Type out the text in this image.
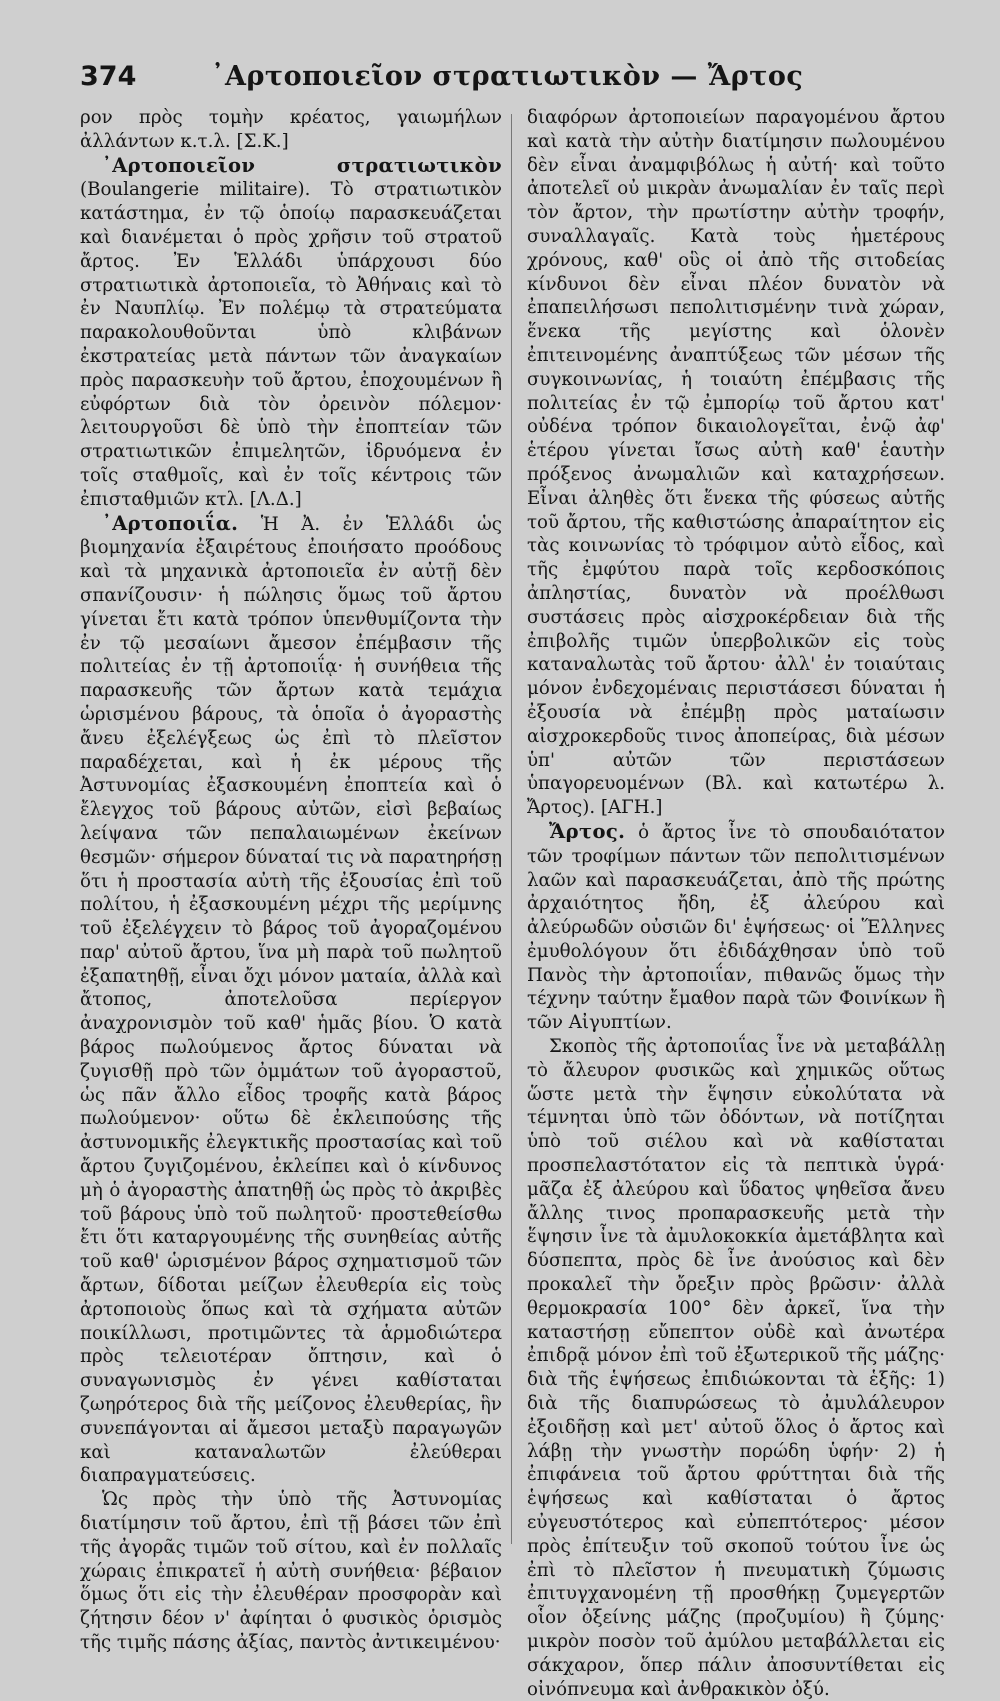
374	᾽Αρτοποιεῖον στρατιωτικὸν — Ἄρτος

ρον πρὸς τομὴν κρέατος, γαιωμήλων ἀλλάντων κ.τ.λ. [Σ.Κ.]

᾽Αρτοποιεῖον στρατιωτικὸν (Boulangerie militaire). Τὸ στρατιωτικὸν κατάστημα, ἐν τῷ ὁποίῳ παρασκευάζεται καὶ διανέμεται ὁ πρὸς χρῆσιν τοῦ στρατοῦ ἄρτος. Ἐν Ἑλλάδι ὑπάρχουσι δύο στρατιωτικὰ ἀρτοποιεῖα, τὸ Ἀθήναις καὶ τὸ ἐν Ναυπλίῳ. Ἐν πολέμῳ τὰ στρατεύματα παρακολουθοῦνται ὑπὸ κλιβάνων ἐκστρατείας μετὰ πάντων τῶν ἀναγκαίων πρὸς παρασκευὴν τοῦ ἄρτου, ἐποχουμένων ἢ εὐφόρτων διὰ τὸν ὀρεινὸν πόλεμον· λειτουργοῦσι δὲ ὑπὸ τὴν ἐποπτείαν τῶν στρατιωτικῶν ἐπιμελητῶν, ἱδρυόμενα ἐν τοῖς σταθμοῖς, καὶ ἐν τοῖς κέντροις τῶν ἐπισταθμιῶν κτλ. [Λ.Δ.]

᾽Αρτοποιΐα. Ἡ Ἀ. ἐν Ἑλλάδι ὡς βιομηχανία ἐξαιρέτους ἐποιήσατο προόδους καὶ τὰ μηχανικὰ ἀρτοποιεῖα ἐν αὐτῇ δὲν σπανίζουσιν· ἡ πώλησις ὅμως τοῦ ἄρτου γίνεται ἔτι κατὰ τρόπον ὑπενθυμίζοντα τὴν ἐν τῷ μεσαίωνι ἄμεσον ἐπέμβασιν τῆς πολιτείας ἐν τῇ ἀρτοποιΐᾳ· ἡ συνήθεια τῆς παρασκευῆς τῶν ἄρτων κατὰ τεμάχια ὡρισμένου βάρους, τὰ ὁποῖα ὁ ἀγοραστὴς ἄνευ ἐξελέγξεως ὡς ἐπὶ τὸ πλεῖστον παραδέχεται, καὶ ἡ ἐκ μέρους τῆς Ἀστυνομίας ἐξασκουμένη ἐποπτεία καὶ ὁ ἔλεγχος τοῦ βάρους αὐτῶν, εἰσὶ βεβαίως λείψανα τῶν πεπαλαιωμένων ἐκείνων θεσμῶν· σήμερον δύναταί τις νὰ παρατηρήσῃ ὅτι ἡ προστασία αὐτὴ τῆς ἐξουσίας ἐπὶ τοῦ πολίτου, ἡ ἐξασκουμένη μέχρι τῆς μερίμνης τοῦ ἐξελέγχειν τὸ βάρος τοῦ ἀγοραζομένου παρ' αὐτοῦ ἄρτου, ἵνα μὴ παρὰ τοῦ πωλητοῦ ἐξαπατηθῇ, εἶναι ὄχι μόνον ματαία, ἀλλὰ καὶ ἄτοπος, ἀποτελοῦσα περίεργον ἀναχρονισμὸν τοῦ καθ' ἡμᾶς βίου. Ὁ κατὰ βάρος πωλούμενος ἄρτος δύναται νὰ ζυγισθῇ πρὸ τῶν ὀμμάτων τοῦ ἀγοραστοῦ, ὡς πᾶν ἄλλο εἶδος τροφῆς κατὰ βάρος πωλούμενον· οὕτω δὲ ἐκλειπούσης τῆς ἀστυνομικῆς ἐλεγκτικῆς προστασίας καὶ τοῦ ἄρτου ζυγιζομένου, ἐκλείπει καὶ ὁ κίνδυνος μὴ ὁ ἀγοραστὴς ἀπατηθῇ ὡς πρὸς τὸ ἀκριβὲς τοῦ βάρους ὑπὸ τοῦ πωλητοῦ· προστεθείσθω ἔτι ὅτι καταργουμένης τῆς συνηθείας αὐτῆς τοῦ καθ' ὡρισμένον βάρος σχηματισμοῦ τῶν ἄρτων, δίδοται μείζων ἐλευθερία εἰς τοὺς ἀρτοποιοὺς ὅπως καὶ τὰ σχήματα αὐτῶν ποικίλλωσι, προτιμῶντες τὰ ἁρμοδιώτερα πρὸς τελειοτέραν ὄπτησιν, καὶ ὁ συναγωνισμὸς ἐν γένει καθίσταται ζωηρότερος διὰ τῆς μείζονος ἐλευθερίας, ἣν συνεπάγονται αἱ ἄμεσοι μεταξὺ παραγωγῶν καὶ καταναλωτῶν ἐλεύθεραι διαπραγματεύσεις.

Ὡς πρὸς τὴν ὑπὸ τῆς Ἀστυνομίας διατίμησιν τοῦ ἄρτου, ἐπὶ τῇ βάσει τῶν ἐπὶ τῆς ἀγορᾶς τιμῶν τοῦ σίτου, καὶ ἐν πολλαῖς χώραις ἐπικρατεῖ ἡ αὐτὴ συνήθεια· βέβαιον ὅμως ὅτι εἰς τὴν ἐλευθέραν προσφορὰν καὶ ζήτησιν δέον ν' ἀφίηται ὁ φυσικὸς ὁρισμὸς τῆς τιμῆς πάσης ἀξίας, παντὸς ἀντικειμένου·

διαφόρων ἀρτοποιείων παραγομένου ἄρτου καὶ κατὰ τὴν αὐτὴν διατίμησιν πωλουμένου δὲν εἶναι ἀναμφιβόλως ἡ αὐτή· καὶ τοῦτο ἀποτελεῖ οὐ μικρὰν ἀνωμαλίαν ἐν ταῖς περὶ τὸν ἄρτον, τὴν πρωτίστην αὐτὴν τροφήν, συναλλαγαῖς. Κατὰ τοὺς ἡμετέρους χρόνους, καθ' οὓς οἱ ἀπὸ τῆς σιτοδείας κίνδυνοι δὲν εἶναι πλέον δυνατὸν νὰ ἐπαπειλήσωσι πεπολιτισμένην τινὰ χώραν, ἕνεκα τῆς μεγίστης καὶ ὁλονὲν ἐπιτεινομένης ἀναπτύξεως τῶν μέσων τῆς συγκοινωνίας, ἡ τοιαύτη ἐπέμβασις τῆς πολιτείας ἐν τῷ ἐμπορίῳ τοῦ ἄρτου κατ' οὐδένα τρόπον δικαιολογεῖται, ἐνῷ ἀφ' ἑτέρου γίνεται ἴσως αὐτὴ καθ' ἑαυτὴν πρόξενος ἀνωμαλιῶν καὶ καταχρήσεων. Εἶναι ἀληθὲς ὅτι ἕνεκα τῆς φύσεως αὐτῆς τοῦ ἄρτου, τῆς καθιστώσης ἀπαραίτητον εἰς τὰς κοινωνίας τὸ τρόφιμον αὐτὸ εἶδος, καὶ τῆς ἐμφύτου παρὰ τοῖς κερδοσκόποις ἀπληστίας, δυνατὸν νὰ προέλθωσι συστάσεις πρὸς αἰσχροκέρδειαν διὰ τῆς ἐπιβολῆς τιμῶν ὑπερβολικῶν εἰς τοὺς καταναλωτὰς τοῦ ἄρτου· ἀλλ' ἐν τοιαύταις μόνον ἐνδεχομέναις περιστάσεσι δύναται ἡ ἐξουσία νὰ ἐπέμβῃ πρὸς ματαίωσιν αἰσχροκερδοῦς τινος ἀποπείρας, διὰ μέσων ὑπ' αὐτῶν τῶν περιστάσεων ὑπαγορευομένων (Βλ. καὶ κατωτέρω λ. Ἄρτος). [ΑΓΗ.]

Ἄρτος. ὁ ἄρτος ἶνε τὸ σπουδαιότατον τῶν τροφίμων πάντων τῶν πεπολιτισμένων λαῶν καὶ παρασκευάζεται, ἀπὸ τῆς πρώτης ἀρχαιότητος ἤδη, ἐξ ἀλεύρου καὶ ἀλεύρωδῶν οὐσιῶν δι' ἑψήσεως· οἱ Ἕλληνες ἐμυθολόγουν ὅτι ἐδιδάχθησαν ὑπὸ τοῦ Πανὸς τὴν ἀρτοποιΐαν, πιθανῶς ὅμως τὴν τέχνην ταύτην ἔμαθον παρὰ τῶν Φοινίκων ἢ τῶν Αἰγυπτίων.

Σκοπὸς τῆς ἀρτοποιΐας ἶνε νὰ μεταβάλλῃ τὸ ἄλευρον φυσικῶς καὶ χημικῶς οὕτως ὥστε μετὰ τὴν ἕψησιν εὐκολύτατα νὰ τέμνηται ὑπὸ τῶν ὀδόντων, νὰ ποτίζηται ὑπὸ τοῦ σιέλου καὶ νὰ καθίσταται προσπελαστότατον εἰς τὰ πεπτικὰ ὑγρά· μᾶζα ἐξ ἀλεύρου καὶ ὕδατος ψηθεῖσα ἄνευ ἄλλης τινος προπαρασκευῆς μετὰ τὴν ἕψησιν ἶνε τὰ ἀμυλοκοκκία ἀμετάβλητα καὶ δύσπεπτα, πρὸς δὲ ἶνε ἀνούσιος καὶ δὲν προκαλεῖ τὴν ὄρεξιν πρὸς βρῶσιν· ἀλλὰ θερμοκρασία 100° δὲν ἀρκεῖ, ἵνα τὴν καταστήσῃ εὔπεπτον οὐδὲ καὶ ἀνωτέρα ἐπιδρᾷ μόνον ἐπὶ τοῦ ἐξωτερικοῦ τῆς μάζης· διὰ τῆς ἑψήσεως ἐπιδιώκονται τὰ ἑξῆς: 1) διὰ τῆς διαπυρώσεως τὸ ἀμυλάλευρον ἐξοιδῆσῃ καὶ μετ' αὐτοῦ ὅλος ὁ ἄρτος καὶ λάβῃ τὴν γνωστὴν πορώδη ὑφήν· 2) ἡ ἐπιφάνεια τοῦ ἄρτου φρύττηται διὰ τῆς ἑψήσεως καὶ καθίσταται ὁ ἄρτος εὐγευστότερος καὶ εὐπεπτότερος· μέσον πρὸς ἐπίτευξιν τοῦ σκοποῦ τούτου ἶνε ὡς ἐπὶ τὸ πλεῖστον ἡ πνευματικὴ ζύμωσις ἐπιτυγχανομένη τῇ προσθήκῃ ζυμεγερτῶν οἷον ὀξείνης μάζης (προζυμίου) ἢ ζύμης· μικρὸν ποσὸν τοῦ ἀμύλου μεταβάλλεται εἰς σάκχαρον, ὅπερ πάλιν ἀποσυντίθεται εἰς οἰνόπνευμα καὶ ἀνθρακικὸν ὀξύ.
